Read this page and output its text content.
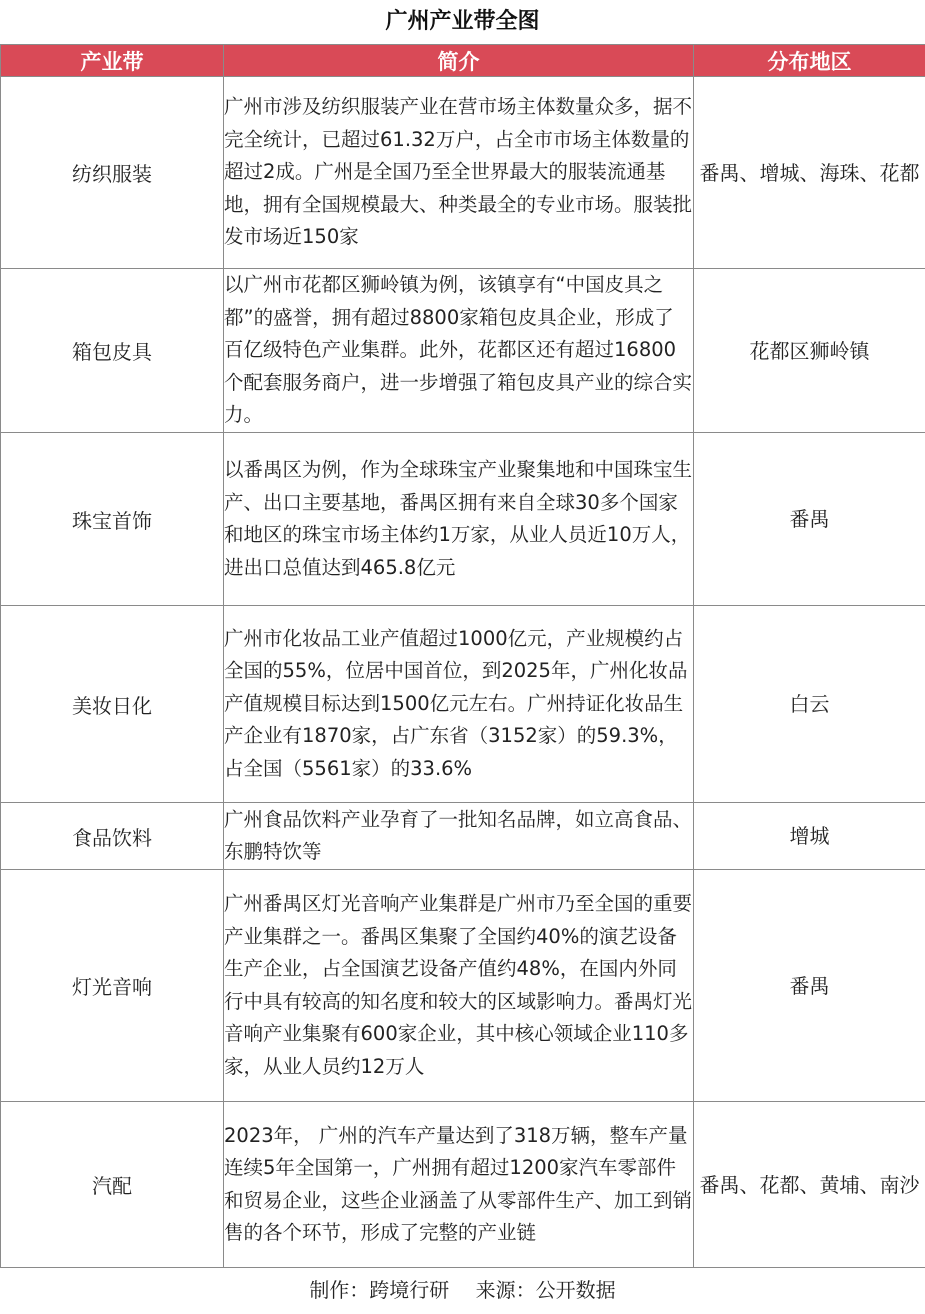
广州产业带全图
产业带	简介	分布地区
纺织服装	广州市涉及纺织服装产业在营市场主体数量众多，据不完全统计，已超过61.32万户，占全市市场主体数量的超过2成。广州是全国乃至全世界最大的服装流通基地，拥有全国规模最大、种类最全的专业市场。服装批发市场近150家	番禺、增城、海珠、花都
箱包皮具	以广州市花都区狮岭镇为例，该镇享有“中国皮具之都”的盛誉，拥有超过8800家箱包皮具企业，形成了百亿级特色产业集群。此外，花都区还有超过16800个配套服务商户，进一步增强了箱包皮具产业的综合实力。	花都区狮岭镇
珠宝首饰	以番禺区为例，作为全球珠宝产业聚集地和中国珠宝生产、出口主要基地，番禺区拥有来自全球30多个国家和地区的珠宝市场主体约1万家，从业人员近10万人，进出口总值达到465.8亿元	番禺
美妆日化	广州市化妆品工业产值超过1000亿元，产业规模约占全国的55%，位居中国首位，到2025年，广州化妆品产值规模目标达到1500亿元左右。广州持证化妆品生产企业有1870家，占广东省（3152家）的59.3%，占全国（5561家）的33.6%	白云
食品饮料	广州食品饮料产业孕育了一批知名品牌，如立高食品、东鹏特饮等	增城
灯光音响	广州番禺区灯光音响产业集群是广州市乃至全国的重要产业集群之一。番禺区集聚了全国约40%的演艺设备生产企业，占全国演艺设备产值约48%，在国内外同行中具有较高的知名度和较大的区域影响力。番禺灯光音响产业集聚有600家企业，其中核心领域企业110多家，从业人员约12万人	番禺
汽配	2023年， 广州的汽车产量达到了318万辆，整车产量连续5年全国第一，广州拥有超过1200家汽车零部件和贸易企业，这些企业涵盖了从零部件生产、加工到销售的各个环节，形成了完整的产业链	番禺、花都、黄埔、南沙
制作：跨境行研 来源：公开数据
